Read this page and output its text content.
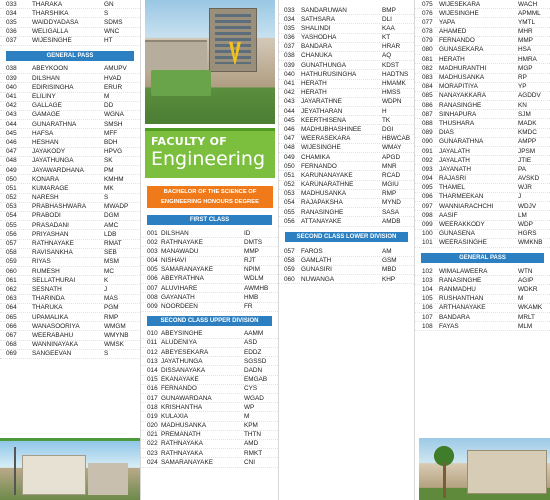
033	THARAKA	GN
034	THARSHIKA	S
035	WAIDDYADASA	SDMS
036	WELIGALLA	WNC
037	WIJESINGHE	HT
GENERAL PASS
038	ABEYKOON	AMUPV
039	DILSHAN	HVAD
040	EDIRISINGHA	ERUR
041	ELILINY	M
042	GALLAGE	DD
043	GAMAGE	WGNA
044	GUNARATHNA	SMSH
045	HAFSA	MFF
046	HESHAN	BDH
047	JAYAKODY	HPVG
048	JAYATHUNGA	SK
049	JAYAWARDHANA	PM
050	KONARA	KMHM
051	KUMARAGE	MK
052	NARESH	S
053	PRABHASHWARA	MWADP
054	PRABODI	DGM
055	PRASADANI	AMC
056	PRIYASHAN	LDB
057	RATHNAYAKE	RMAT
058	RAVISANKHA	SEB
059	RIYAS	MSM
060	RUMESH	MC
061	SELLATHURAI	K
062	SESNATH	J
063	THARINDA	MAS
064	THARUKA	PGM
065	UPAMALIKA	RMP
066	WANASOORIYA	WMGM
067	WEERABAHU	WMYNB
068	WANNINAYAKA	WMSK
069	SANGEEVAN	S
FACULTY OF
Engineering
BACHELOR OF THE SCIENCE OF
ENGINEERING HONOURS DEGREE
FIRST CLASS
001 DILSHAN	ID
002 RATHNAYAKE	DMTS
003 MANAWADU	MMP
004 NISHAVI	RJT
005 SAMARANAYAKE	NPIM
006 ABEYRATHNA	WDLM
007 ALUVIHARE	AWMHB
008 GAYANATH	HMB
009 NOORDEEN	FR
SECOND CLASS UPPER DIVISION
010 ABEYSINGHE	AAMM
011 ALUDENIYA	ASD
012 ABEYESEKARA	EDDZ
013 JAYATHUNGA	SGSSD
014 DISSANAYAKA	DADN
015 EKANAYAKE	EMGAB
016 FERNANDO	CYS
017 GUNAWARDANA	WGAD
018 KRISHANTHA	WP
019 KULAXIA	M
020 MADHUSANKA	KPM
021 PREMANATH	THTN
022 RATHNAYAKA	AMD
023 RATHNAYAKA	RMKT
024 SAMARANAYAKE	CNI
033 SANDARUWAN	BMP
034 SATHSARA	DLI
035 SHALINDI	KAA
036 YASHODHA	KT
037 BANDARA	HRAR
038 CHANUKA	AQ
039 GUNATHUNGA	KDST
040 HATHURUSINGHA	HADTNS
041 HERATH	HMAMK
042 HERATH	HMSS
043 JAYARATHNE	WDPN
044 JEYATHARAN	H
045 KEERTHISENA	TK
046 MADHUBHASHINEE	DGI
047 WEERASEKARA	HBWCAB
048 WIJESINGHE	WMAY
049 CHAMIKA	APGD
050 FERNANDO	MNR
051 KARUNANAYAKE	RCAD
052 KARUNARATHNE	MGIU
053 MADHUSANKA	RMP
054 RAJAPAKSHA	MYND
055 RANASINGHE	SASA
056 ATTANAYAKE	AMDB
SECOND CLASS LOWER DIVISION
057 FAROS	AM
058 GAMLATH	GSM
059 GUNASIRI	MBD
060 NUWANGA	KHP
075 WIJESEKARA	WACH
076 WIJESINGHE	APMML
077 YAPA	YMTL
078 AHAMED	MHR
079 FERNANDO	MMP
080 GUNASEKARA	HSA
081 HERATH	HMRA
082 MADHURANTHI	MGP
083 MADHUSANKA	RP
084 MORAPITIYA	YP
085 NANAYAKKARA	AGDDV
086 RANASINGHE	KN
087 SINHAPURA	SJM
088 THUSHARA	MADK
089 DIAS	KMDC
090 GUNARATHNA	AMPP
091 JAYALATH	JPSM
092 JAYALATH	JTIE
093 JAYANATH	PA
094 RAJASRI	AVSKD
095 THAMEL	WJR
096 THARMEEKAN	J
097 WANNIARACHCHI	WDJV
098 AASIF	LM
099 WEERAKKODY	WDP
100 GUNASENA	HGRS
101 WEERASINGHE	WMKNB
GENERAL PASS
102 WIMALAWEERA	WTN
103 RANASINGHE	AGIP
104 RANMADHU	WDKR
105 RUSHANTHAN	M
106 ARTHANAYAKE	WKAMK
107 BANDARA	MRLT
108 FAYAS	MLM
